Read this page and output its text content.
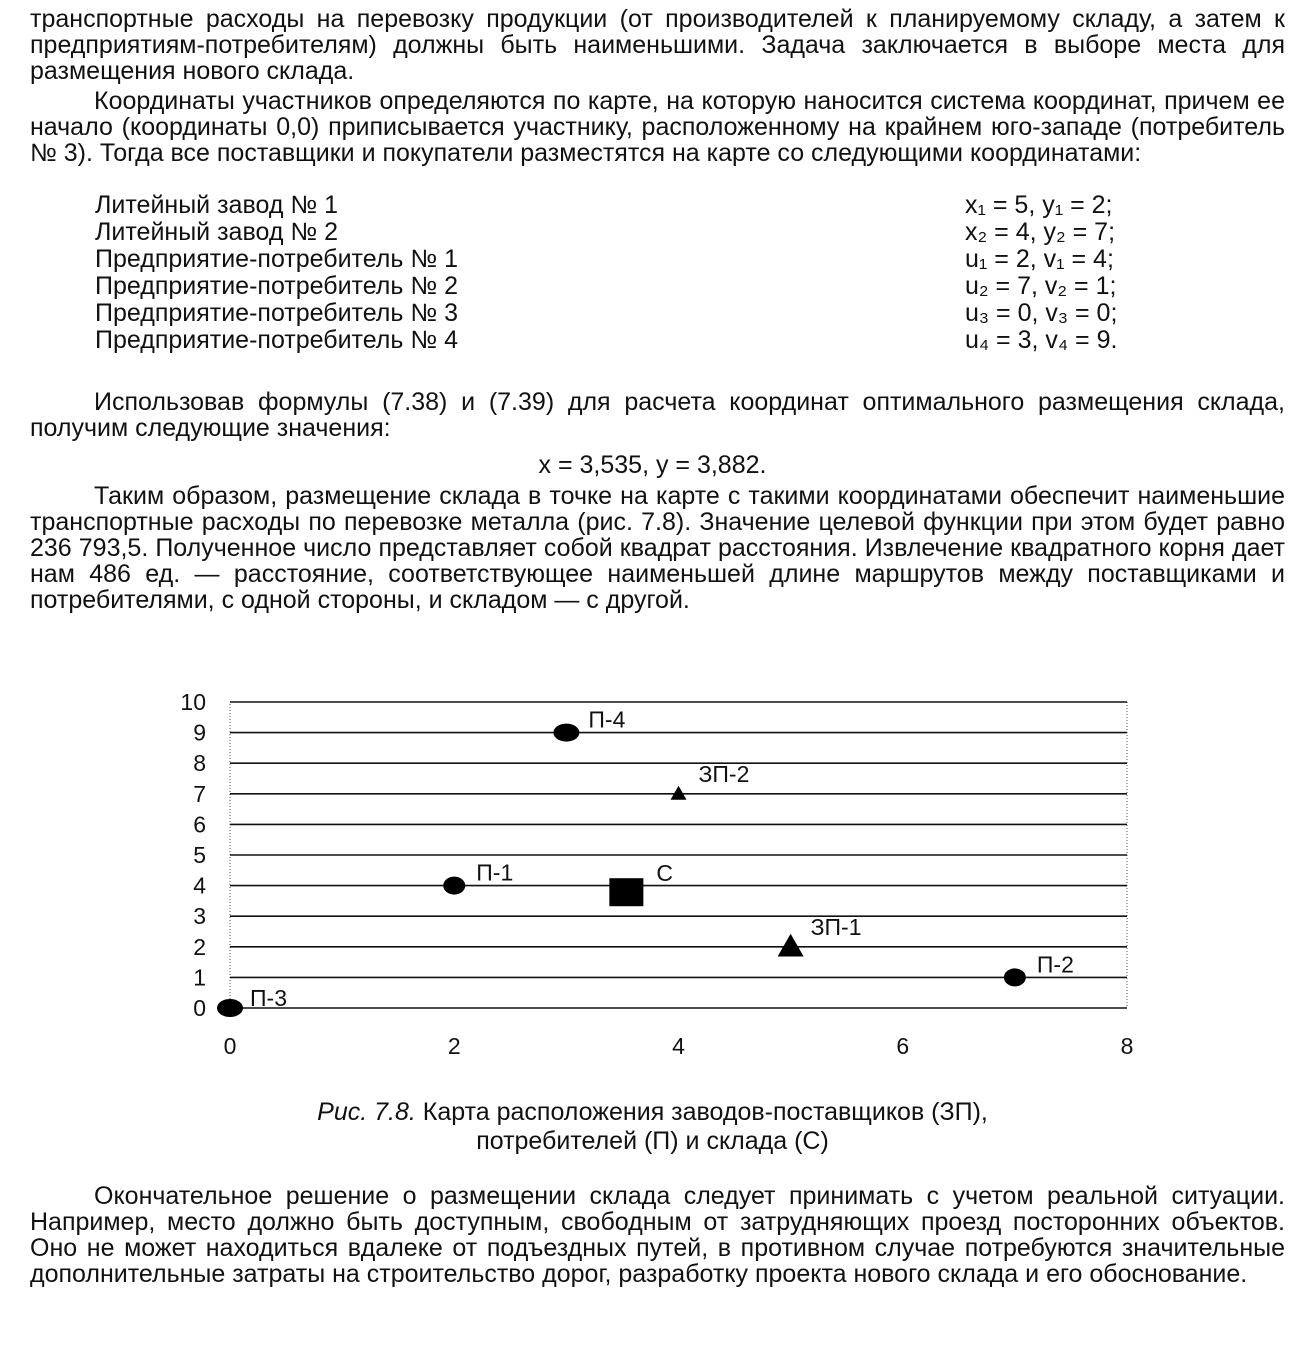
транспортные расходы на перевозку продукции (от производителей к планируемому складу, а затем к предприятиям-потребителям) должны быть наименьшими. Задача заключается в выборе места для размещения нового склада.

Координаты участников определяются по карте, на которую наносится система координат, причем ее начало (координаты 0,0) приписывается участнику, расположенному на крайнем юго-западе (потребитель № 3). Тогда все поставщики и покупатели разместятся на карте со следующими координатами:

Литейный завод № 1	x₁ = 5, y₁ = 2;
Литейный завод № 2	x₂ = 4, y₂ = 7;
Предприятие-потребитель № 1	u₁ = 2, v₁ = 4;
Предприятие-потребитель № 2	u₂ = 7, v₂ = 1;
Предприятие-потребитель № 3	u₃ = 0, v₃ = 0;
Предприятие-потребитель № 4	u₄ = 3, v₄ = 9.

Использовав формулы (7.38) и (7.39) для расчета координат оптимального размещения склада, получим следующие значения:

x = 3,535, y = 3,882.

Таким образом, размещение склада в точке на карте с такими координатами обеспечит наименьшие транспортные расходы по перевозке металла (рис. 7.8). Значение целевой функции при этом будет равно 236 793,5. Полученное число представляет собой квадрат расстояния. Извлечение квадратного корня дает нам 486 ед. — расстояние, соответствующее наименьшей длине маршрутов между поставщиками и потребителями, с одной стороны, и складом — с другой.

0
1
2
3
4
5
6
7
8
9
10
0	2	4	6	8
П-3
П-1
П-4
ЗП-2
ЗП-1
П-2
С
Рис. 7.8. Карта расположения заводов-поставщиков (ЗП),
потребителей (П) и склада (С)

Окончательное решение о размещении склада следует принимать с учетом реальной ситуации. Например, место должно быть доступным, свободным от затрудняющих проезд посторонних объектов. Оно не может находиться вдалеке от подъездных путей, в противном случае потребуются значительные дополнительные затраты на строительство дорог, разработку проекта нового склада и его обоснование.
